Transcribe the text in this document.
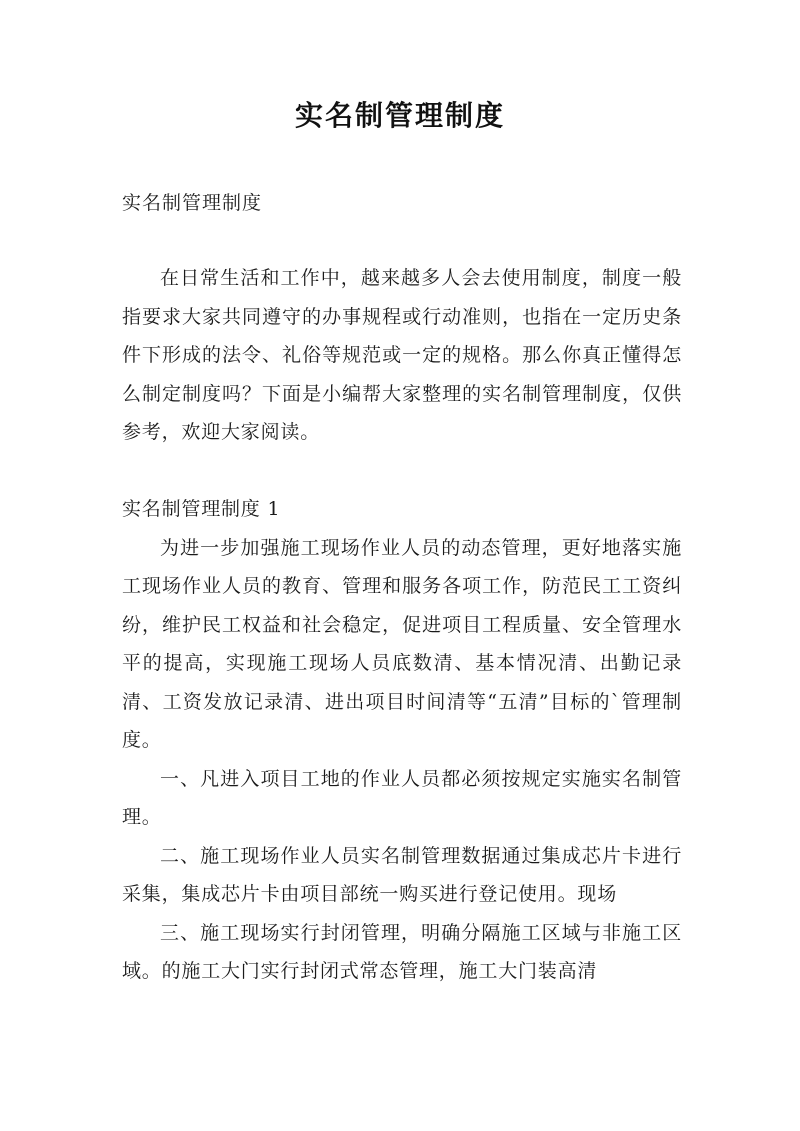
实名制管理制度
实名制管理制度

在日常生活和工作中，越来越多人会去使用制度，制度一般指要求大家共同遵守的办事规程或行动准则，也指在一定历史条件下形成的法令、礼俗等规范或一定的规格。那么你真正懂得怎么制定制度吗？下面是小编帮大家整理的实名制管理制度，仅供参考，欢迎大家阅读。

实名制管理制度 1

为进一步加强施工现场作业人员的动态管理，更好地落实施工现场作业人员的教育、管理和服务各项工作，防范民工工资纠纷，维护民工权益和社会稳定，促进项目工程质量、安全管理水平的提高，实现施工现场人员底数清、基本情况清、出勤记录清、工资发放记录清、进出项目时间清等“五清”目标的`管理制度。

一、凡进入项目工地的作业人员都必须按规定实施实名制管理。

二、施工现场作业人员实名制管理数据通过集成芯片卡进行采集，集成芯片卡由项目部统一购买进行登记使用。现场

三、施工现场实行封闭管理，明确分隔施工区域与非施工区域。的施工大门实行封闭式常态管理，施工大门装高清
